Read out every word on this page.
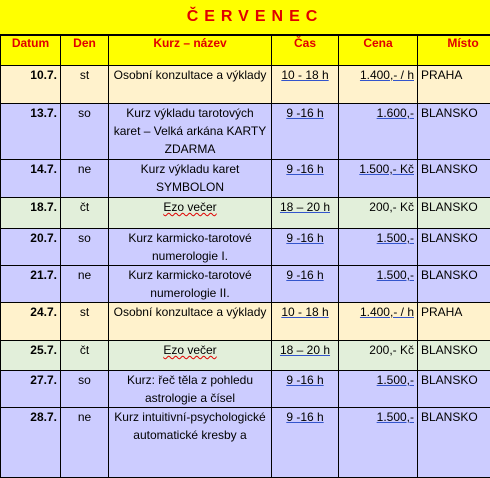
ČERVENEC
Datum	Den	Kurz – název	Čas	Cena	Místo
10.7.	st	Osobní konzultace a výklady	10 - 18 h	1.400,- / h	PRAHA
13.7.	so	Kurz výkladu tarotových karet – Velká arkána KARTY ZDARMA	9 -16 h	1.600,-	BLANSKO
14.7.	ne	Kurz výkladu karet SYMBOLON	9 -16 h	1.500,- Kč	BLANSKO
18.7.	čt	Ezo večer	18 – 20 h	200,- Kč	BLANSKO
20.7.	so	Kurz karmicko-tarotové numerologie I.	9 -16 h	1.500,-	BLANSKO
21.7.	ne	Kurz karmicko-tarotové numerologie II.	9 -16 h	1.500,-	BLANSKO
24.7.	st	Osobní konzultace a výklady	10 - 18 h	1.400,- / h	PRAHA
25.7.	čt	Ezo večer	18 – 20 h	200,- Kč	BLANSKO
27.7.	so	Kurz: řeč těla z pohledu astrologie a čísel	9 -16 h	1.500,-	BLANSKO
28.7.	ne	Kurz intuitivní-psychologické automatické kresby a	9 -16 h	1.500,-	BLANSKO
